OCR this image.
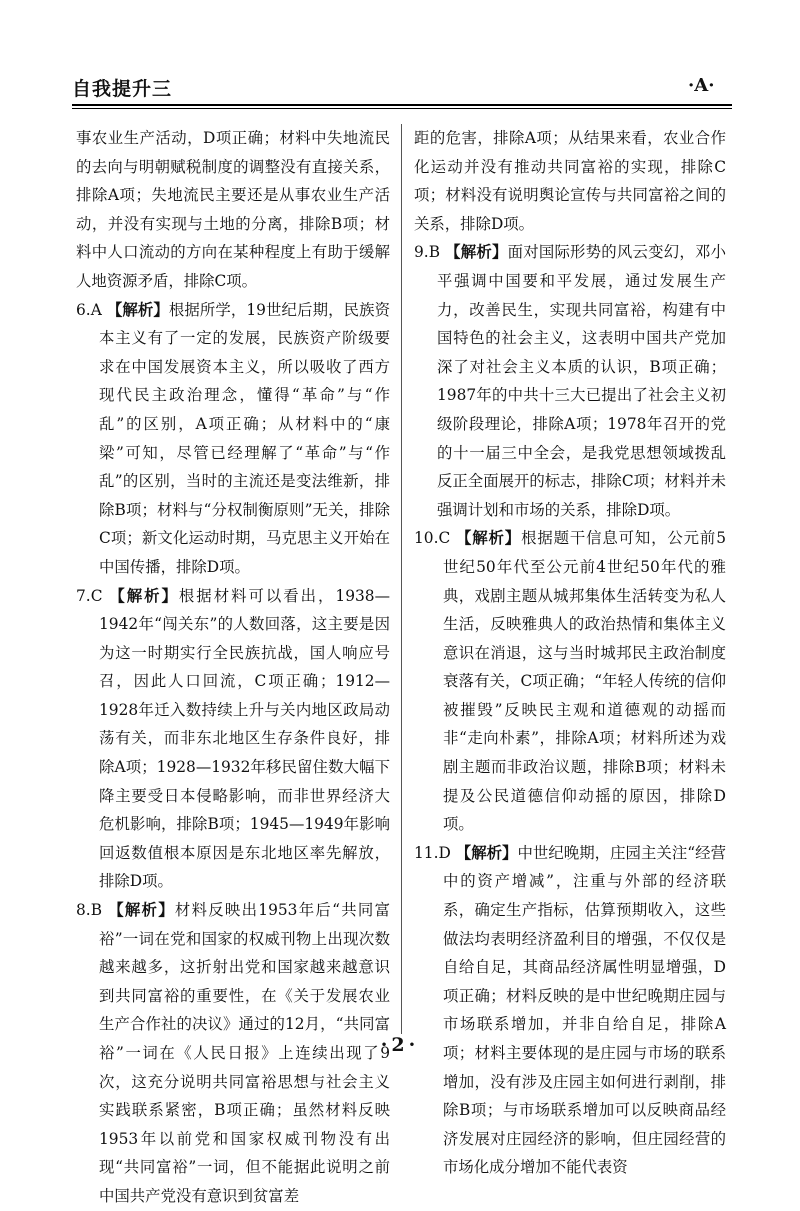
自我提升三	·A·

事农业生产活动，D项正确；材料中失地流民的去向与明朝赋税制度的调整没有直接关系，排除A项；失地流民主要还是从事农业生产活动，并没有实现与土地的分离，排除B项；材料中人口流动的方向在某种程度上有助于缓解人地资源矛盾，排除C项。

6.A 【解析】根据所学，19世纪后期，民族资本主义有了一定的发展，民族资产阶级要求在中国发展资本主义，所以吸收了西方现代民主政治理念，懂得“革命”与“作乱”的区别，A项正确；从材料中的“康梁”可知，尽管已经理解了“革命”与“作乱”的区别，当时的主流还是变法维新，排除B项；材料与“分权制衡原则”无关，排除C项；新文化运动时期，马克思主义开始在中国传播，排除D项。

7.C 【解析】根据材料可以看出，1938—1942年“闯关东”的人数回落，这主要是因为这一时期实行全民族抗战，国人响应号召，因此人口回流，C项正确；1912—1928年迁入数持续上升与关内地区政局动荡有关，而非东北地区生存条件良好，排除A项；1928—1932年移民留住数大幅下降主要受日本侵略影响，而非世界经济大危机影响，排除B项；1945—1949年影响回返数值根本原因是东北地区率先解放，排除D项。

8.B 【解析】材料反映出1953年后“共同富裕”一词在党和国家的权威刊物上出现次数越来越多，这折射出党和国家越来越意识到共同富裕的重要性，在《关于发展农业生产合作社的决议》通过的12月，“共同富裕”一词在《人民日报》上连续出现了9次，这充分说明共同富裕思想与社会主义实践联系紧密，B项正确；虽然材料反映1953年以前党和国家权威刊物没有出现“共同富裕”一词，但不能据此说明之前中国共产党没有意识到贫富差

距的危害，排除A项；从结果来看，农业合作化运动并没有推动共同富裕的实现，排除C项；材料没有说明舆论宣传与共同富裕之间的关系，排除D项。

9.B 【解析】面对国际形势的风云变幻，邓小平强调中国要和平发展，通过发展生产力，改善民生，实现共同富裕，构建有中国特色的社会主义，这表明中国共产党加深了对社会主义本质的认识，B项正确；1987年的中共十三大已提出了社会主义初级阶段理论，排除A项；1978年召开的党的十一届三中全会，是我党思想领域拨乱反正全面展开的标志，排除C项；材料并未强调计划和市场的关系，排除D项。

10.C 【解析】根据题干信息可知，公元前5世纪50年代至公元前4世纪50年代的雅典，戏剧主题从城邦集体生活转变为私人生活，反映雅典人的政治热情和集体主义意识在消退，这与当时城邦民主政治制度衰落有关，C项正确；“年轻人传统的信仰被摧毁”反映民主观和道德观的动摇而非“走向朴素”，排除A项；材料所述为戏剧主题而非政治议题，排除B项；材料未提及公民道德信仰动摇的原因，排除D项。

11.D 【解析】中世纪晚期，庄园主关注“经营中的资产增减”，注重与外部的经济联系，确定生产指标，估算预期收入，这些做法均表明经济盈利目的增强，不仅仅是自给自足，其商品经济属性明显增强，D项正确；材料反映的是中世纪晚期庄园与市场联系增加，并非自给自足，排除A项；材料主要体现的是庄园与市场的联系增加，没有涉及庄园主如何进行剥削，排除B项；与市场联系增加可以反映商品经济发展对庄园经济的影响，但庄园经营的市场化成分增加不能代表资

·2·
